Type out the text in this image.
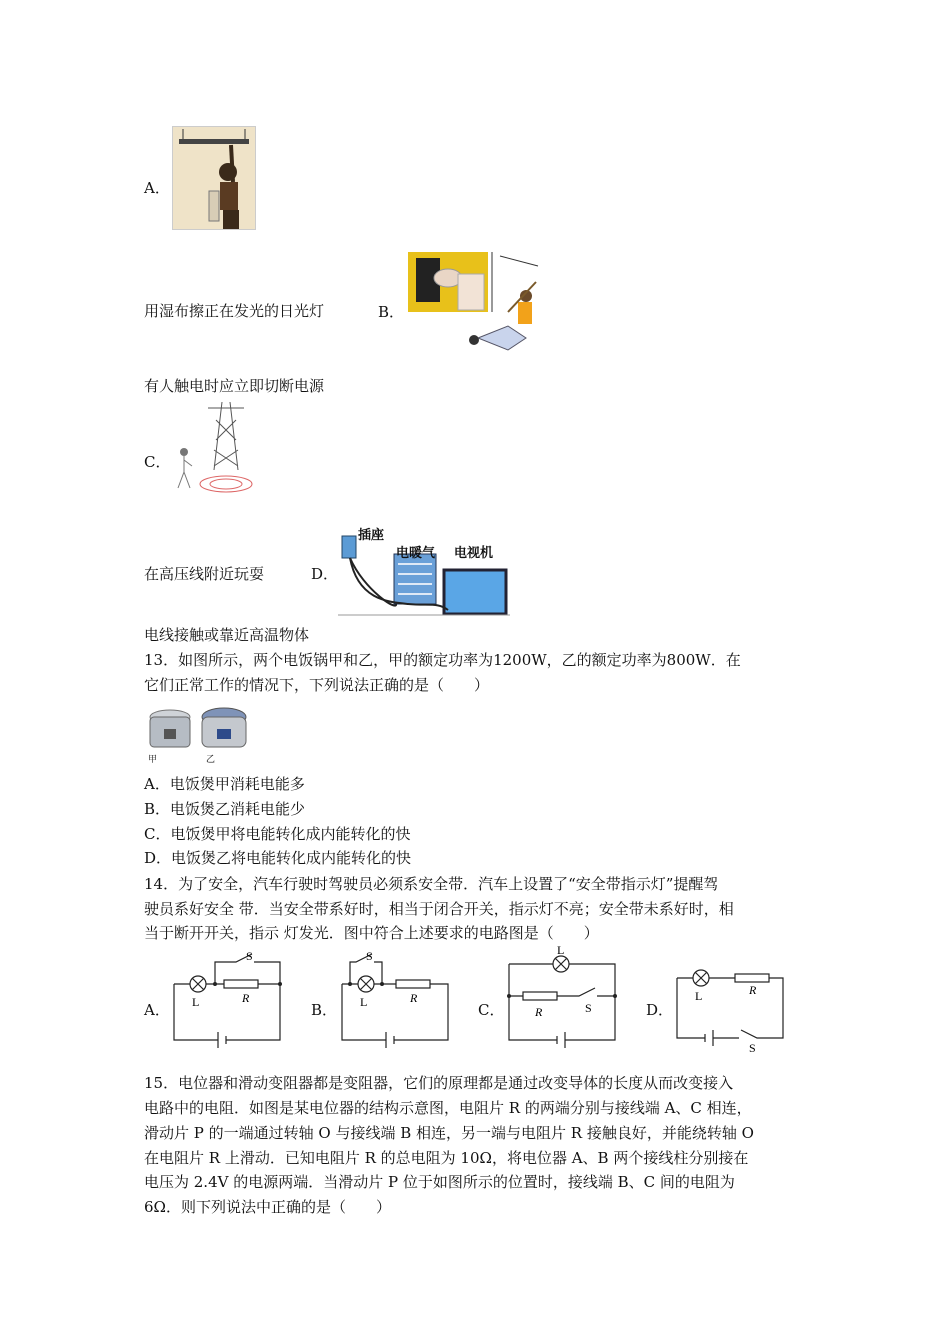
A．
用湿布擦正在发光的日光灯	B．
有人触电时应立即切断电源
C．
在高压线附近玩耍	D．
插座
电暖气 电视机
电线接触或靠近高温物体
13．如图所示，两个电饭锅甲和乙，甲的额定功率为1200W，乙的额定功率为800W．在
它们正常工作的情况下，下列说法正确的是（　　）
甲	乙
A．电饭煲甲消耗电能多
B．电饭煲乙消耗电能少
C．电饭煲甲将电能转化成内能转化的快
D．电饭煲乙将电能转化成内能转化的快
14．为了安全，汽车行驶时驾驶员必须系安全带．汽车上设置了“安全带指示灯”提醒驾
驶员系好安全 带．当安全带系好时，相当于闭合开关，指示灯不亮；安全带未系好时，相
当于断开开关，指示 灯发光．图中符合上述要求的电路图是（　　）
A． L	R
S
B． L	R
S
C．
L
R	S	D．
L	R
S
15．电位器和滑动变阻器都是变阻器，它们的原理都是通过改变导体的长度从而改变接入
电路中的电阻．如图是某电位器的结构示意图，电阻片 R 的两端分别与接线端 A、C 相连，
滑动片 P 的一端通过转轴 O 与接线端 B 相连，另一端与电阻片 R 接触良好，并能绕转轴 O
在电阻片 R 上滑动．已知电阻片 R 的总电阻为 10Ω，将电位器 A、B 两个接线柱分别接在
电压为 2.4V 的电源两端．当滑动片 P 位于如图所示的位置时，接线端 B、C 间的电阻为
6Ω．则下列说法中正确的是（　　）
